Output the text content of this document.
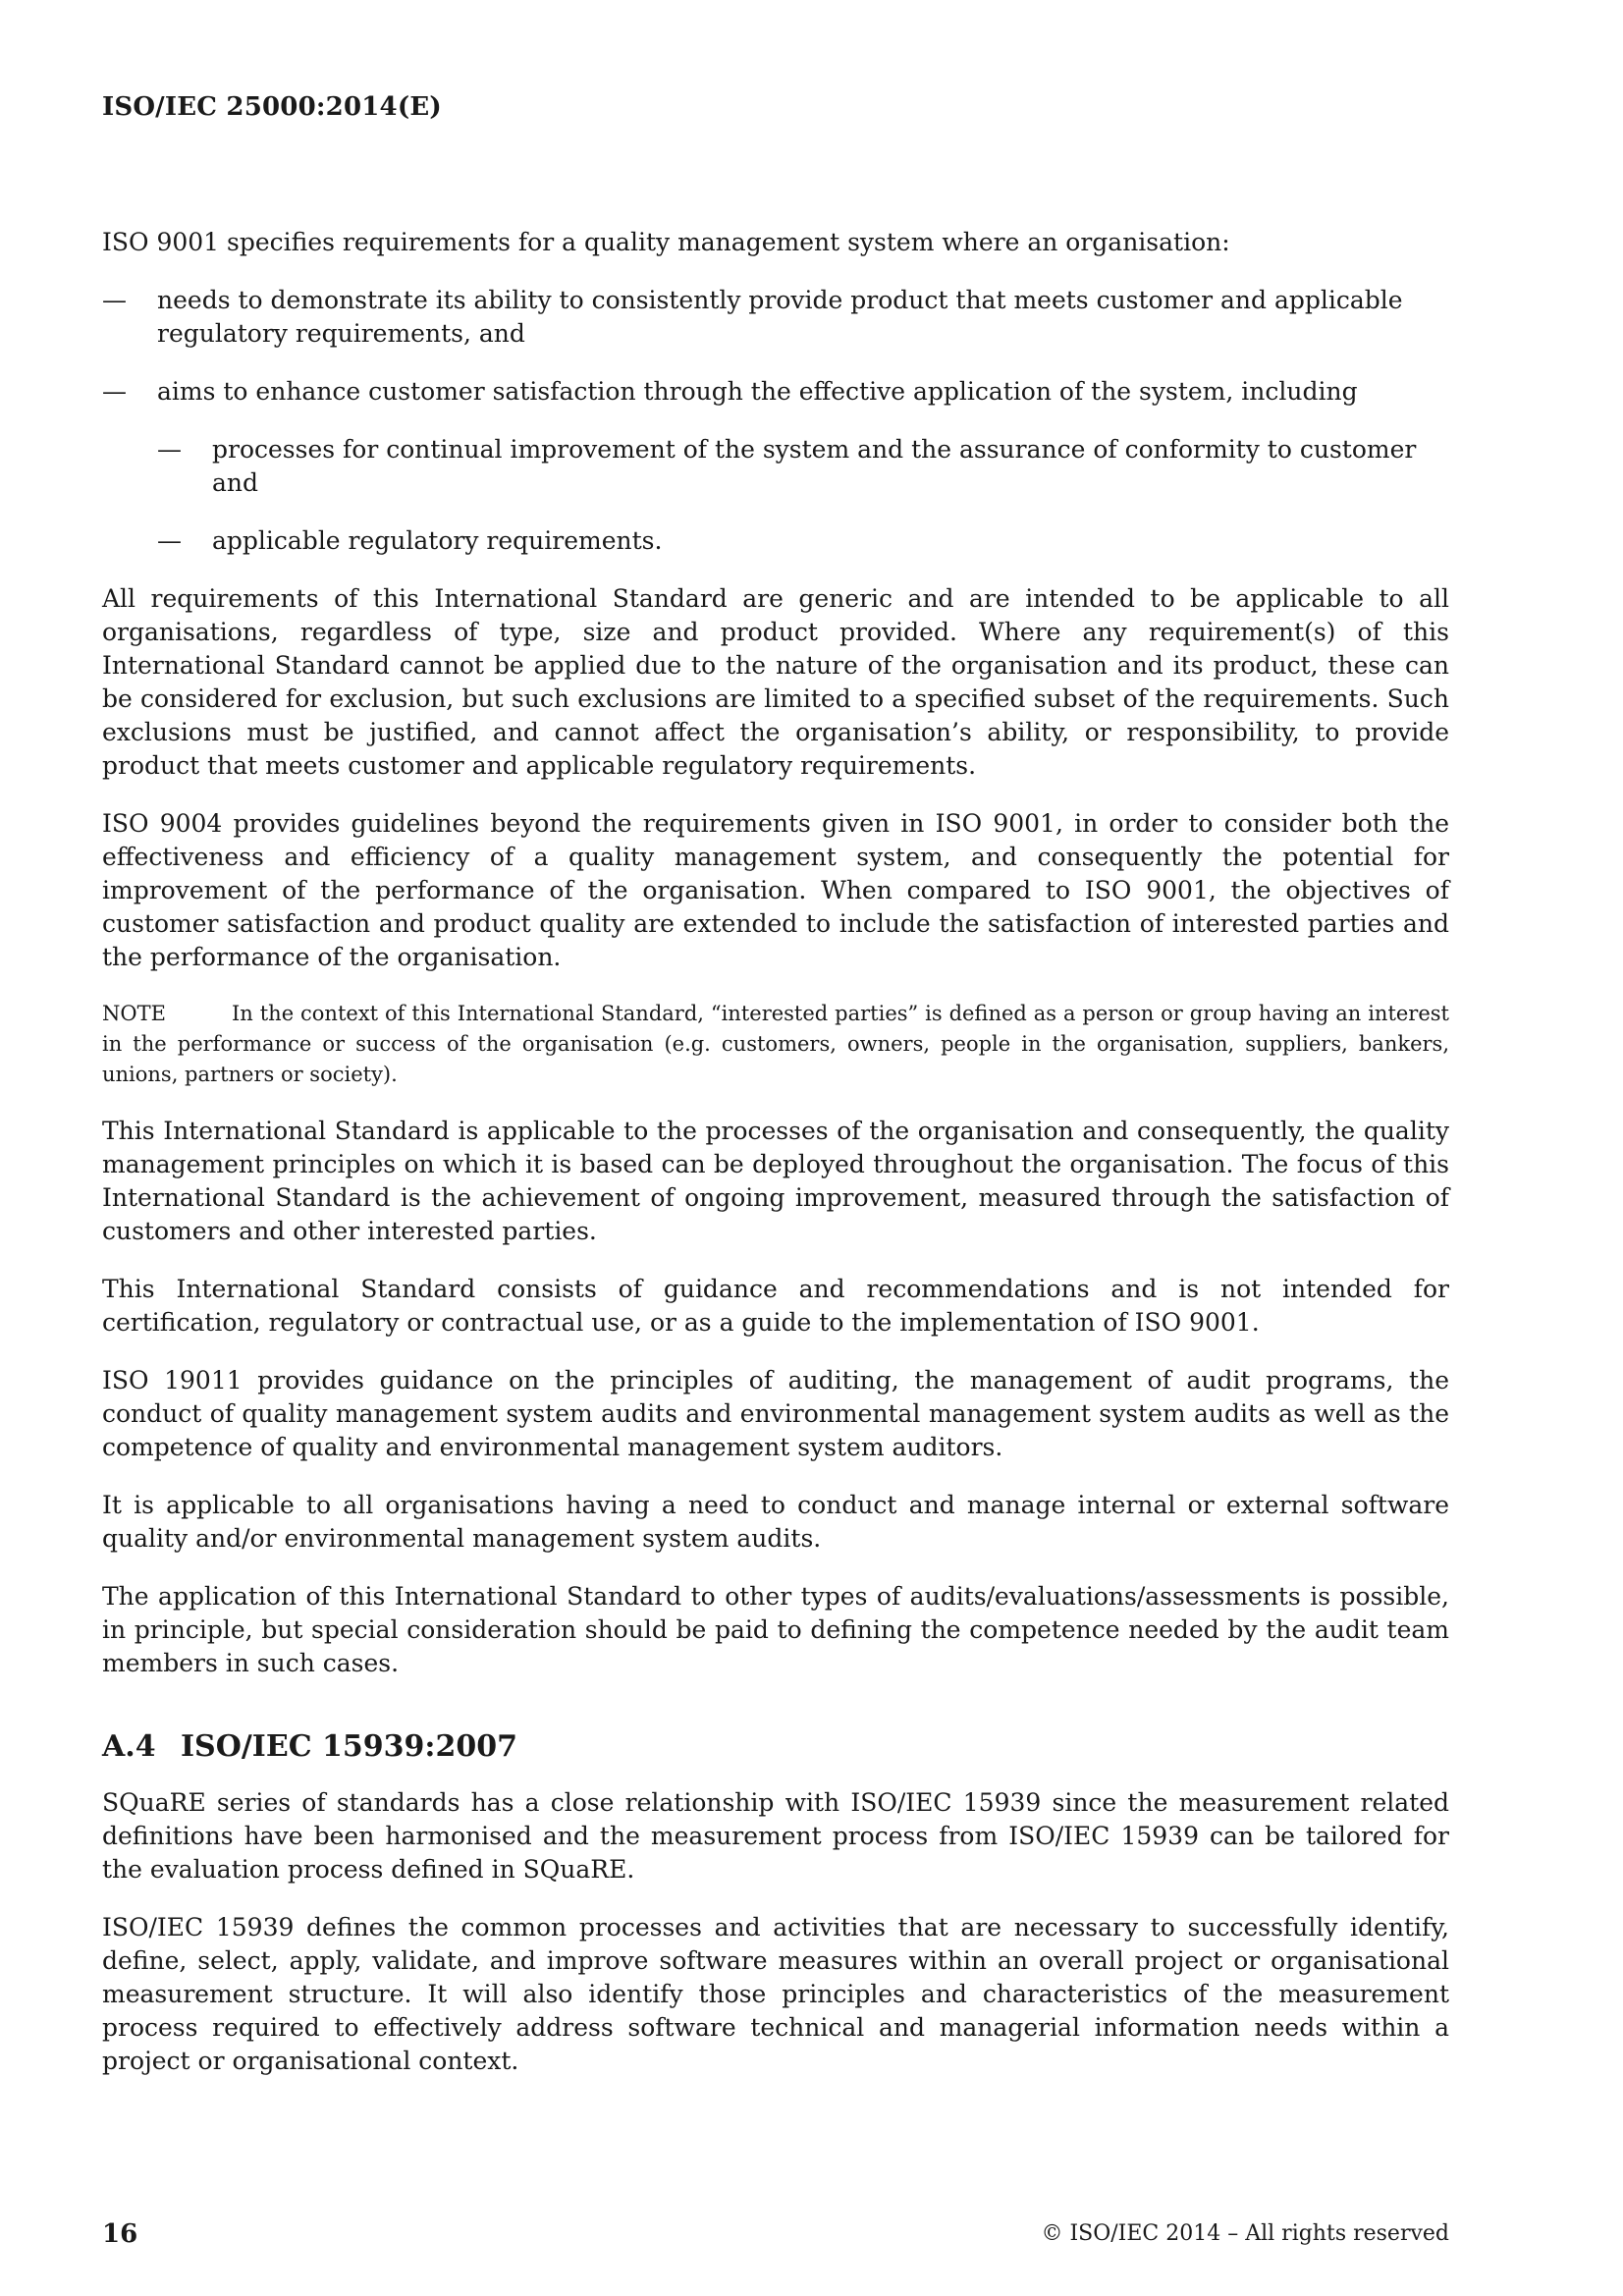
ISO/IEC 25000:2014(E)

ISO 9001 specifies requirements for a quality management system where an organisation:

—	needs to demonstrate its ability to consistently provide product that meets customer and applicable regulatory requirements, and
—	aims to enhance customer satisfaction through the effective application of the system, including
—	processes for continual improvement of the system and the assurance of conformity to customer and
—	applicable regulatory requirements.

All requirements of this International Standard are generic and are intended to be applicable to all organisations, regardless of type, size and product provided. Where any requirement(s) of this International Standard cannot be applied due to the nature of the organisation and its product, these can be considered for exclusion, but such exclusions are limited to a specified subset of the requirements. Such exclusions must be justified, and cannot affect the organisation’s ability, or responsibility, to provide product that meets customer and applicable regulatory requirements.

ISO 9004 provides guidelines beyond the requirements given in ISO 9001, in order to consider both the effectiveness and efficiency of a quality management system, and consequently the potential for improvement of the performance of the organisation. When compared to ISO 9001, the objectives of customer satisfaction and product quality are extended to include the satisfaction of interested parties and the performance of the organisation.

NOTE	In the context of this International Standard, “interested parties” is defined as a person or group having an interest in the performance or success of the organisation (e.g. customers, owners, people in the organisation, suppliers, bankers, unions, partners or society).

This International Standard is applicable to the processes of the organisation and consequently, the quality management principles on which it is based can be deployed throughout the organisation. The focus of this International Standard is the achievement of ongoing improvement, measured through the satisfaction of customers and other interested parties.

This International Standard consists of guidance and recommendations and is not intended for certification, regulatory or contractual use, or as a guide to the implementation of ISO 9001.

ISO 19011 provides guidance on the principles of auditing, the management of audit programs, the conduct of quality management system audits and environmental management system audits as well as the competence of quality and environmental management system auditors.

It is applicable to all organisations having a need to conduct and manage internal or external software quality and/or environmental management system audits.

The application of this International Standard to other types of audits/evaluations/assessments is possible, in principle, but special consideration should be paid to defining the competence needed by the audit team members in such cases.

A.4 ISO/IEC 15939:2007

SQuaRE series of standards has a close relationship with ISO/IEC 15939 since the measurement related definitions have been harmonised and the measurement process from ISO/IEC 15939 can be tailored for the evaluation process defined in SQuaRE.

ISO/IEC 15939 defines the common processes and activities that are necessary to successfully identify, define, select, apply, validate, and improve software measures within an overall project or organisational measurement structure. It will also identify those principles and characteristics of the measurement process required to effectively address software technical and managerial information needs within a project or organisational context.

16	© ISO/IEC 2014 – All rights reserved
